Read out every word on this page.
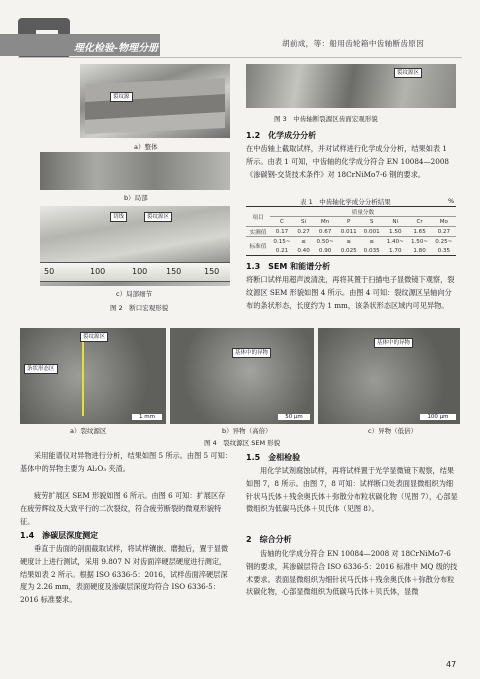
理化检验-物理分册	胡前成，等：船用齿轮箱中齿轴断齿原因
裂纹源
a）整体
b）局部
切线	裂纹源区
50	100	100 150	150
c）局部细节
图 2　断口宏观形貌
裂纹源区
图 3　中齿轴断裂源区齿面宏观形貌
1.2　化学成分分析
在中齿轴上截取试样，并对试样进行化学成分分析，结果如表 1 所示。由表 1 可知，中齿轴的化学成分符合 EN 10084—2008《渗碳钢-交货技术条件》对 18CrNiMo7-6 钢的要求。
表 1　中齿轴化学成分分析结果	%
项目	质量分数							
	C	Si	Mn	P	S	Ni	Cr	Mo
实测值	0.17	0.27	0.67	0.011	0.001	1.50	1.65	0.27
标准值	0.15~	≤	0.50~	≤	≤	1.40~	1.50~	0.25~
	0.21	0.40	0.90	0.025	0.035	1.70	1.80	0.35
1.3　SEM 和能谱分析
将断口试样用超声波清洗，再将其置于扫描电子显微镜下观察，裂纹源区 SEM 形貌如图 4 所示。由图 4 可知：裂纹源区呈轴向分布的条状形态，长度约为 1 mm，该条状形态区域内可见异物。
裂纹源区
条状形态区
1 mm
基体中的异物
50 μm
基体中的异物
100 μm
a）裂纹源区	b）异物（高倍）	c）异物（低倍）
图 4　裂纹源区 SEM 形貌
采用能谱仪对异物进行分析，结果如图 5 所示。由图 5 可知：基体中的异物主要为 Al₂O₃ 夹渣。
疲劳扩展区 SEM 形貌如图 6 所示。由图 6 可知：扩展区存在疲劳辉纹及大致平行的二次裂纹，符合疲劳断裂的微观形貌特征。
1.4　渗碳层深度测定
垂直于齿面的剖面截取试样，将试样镶嵌、磨抛后，置于显微硬度计上进行测试，采用 9.807 N 对齿面淬硬层硬度进行测定，结果如表 2 所示。根据 ISO 6336-5：2016，试样齿面淬硬层深度为 2.26 mm，表面硬度及渗碳层深度均符合 ISO 6336-5：2016 标准要求。
1.5　金相检验
用化学试剂腐蚀试样，再将试样置于光学显微镜下观察，结果如图 7，8 所示。由图 7，8 可知：试样断口处表面显微组织为细针状马氏体＋残余奥氏体＋弥散分布粒状碳化物（见图 7），心部显微组织为低碳马氏体＋贝氏体（见图 8）。
2　综合分析
齿轴的化学成分符合 EN 10084—2008 对 18CrNiMo7-6 钢的要求，其渗碳层符合 ISO 6336-5：2016 标准中 MQ 级的技术要求。表面显微组织为细针状马氏体＋残余奥氏体＋弥散分布粒状碳化物，心部显微组织为低碳马氏体＋贝氏体，显微
47
